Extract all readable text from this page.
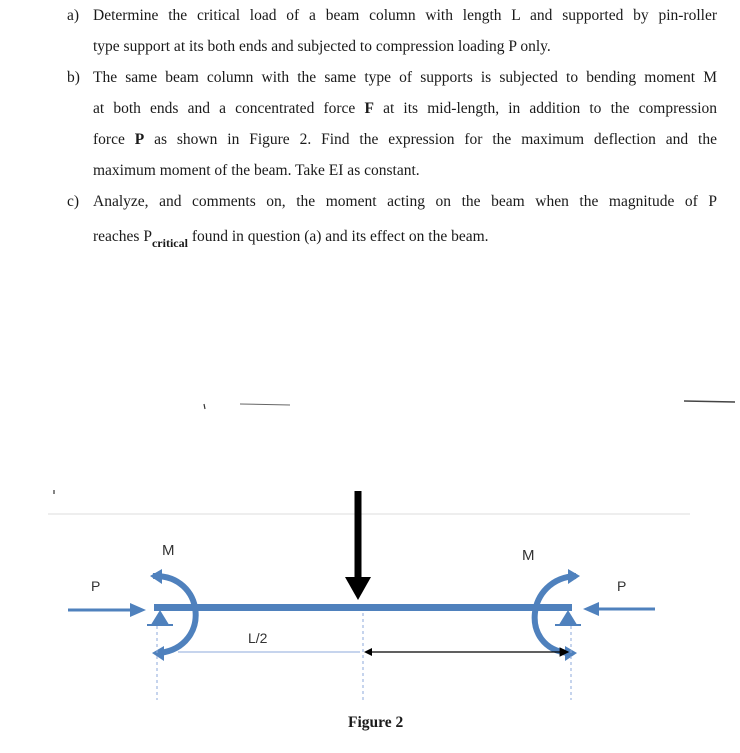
a) Determine the critical load of a beam column with length L and supported by pin-roller
type support at its both ends and subjected to compression loading P only.
b) The same beam column with the same type of supports is subjected to bending moment M
at both ends and a concentrated force F at its mid-length, in addition to the compression
force P as shown in Figure 2. Find the expression for the maximum deflection and the
maximum moment of the beam. Take EI as constant.
c) Analyze, and comments on, the moment acting on the beam when the magnitude of P
reaches $P_{critical}$ found in question (a) and its effect on the beam.
P	P
M	M
L/2
Figure 2
